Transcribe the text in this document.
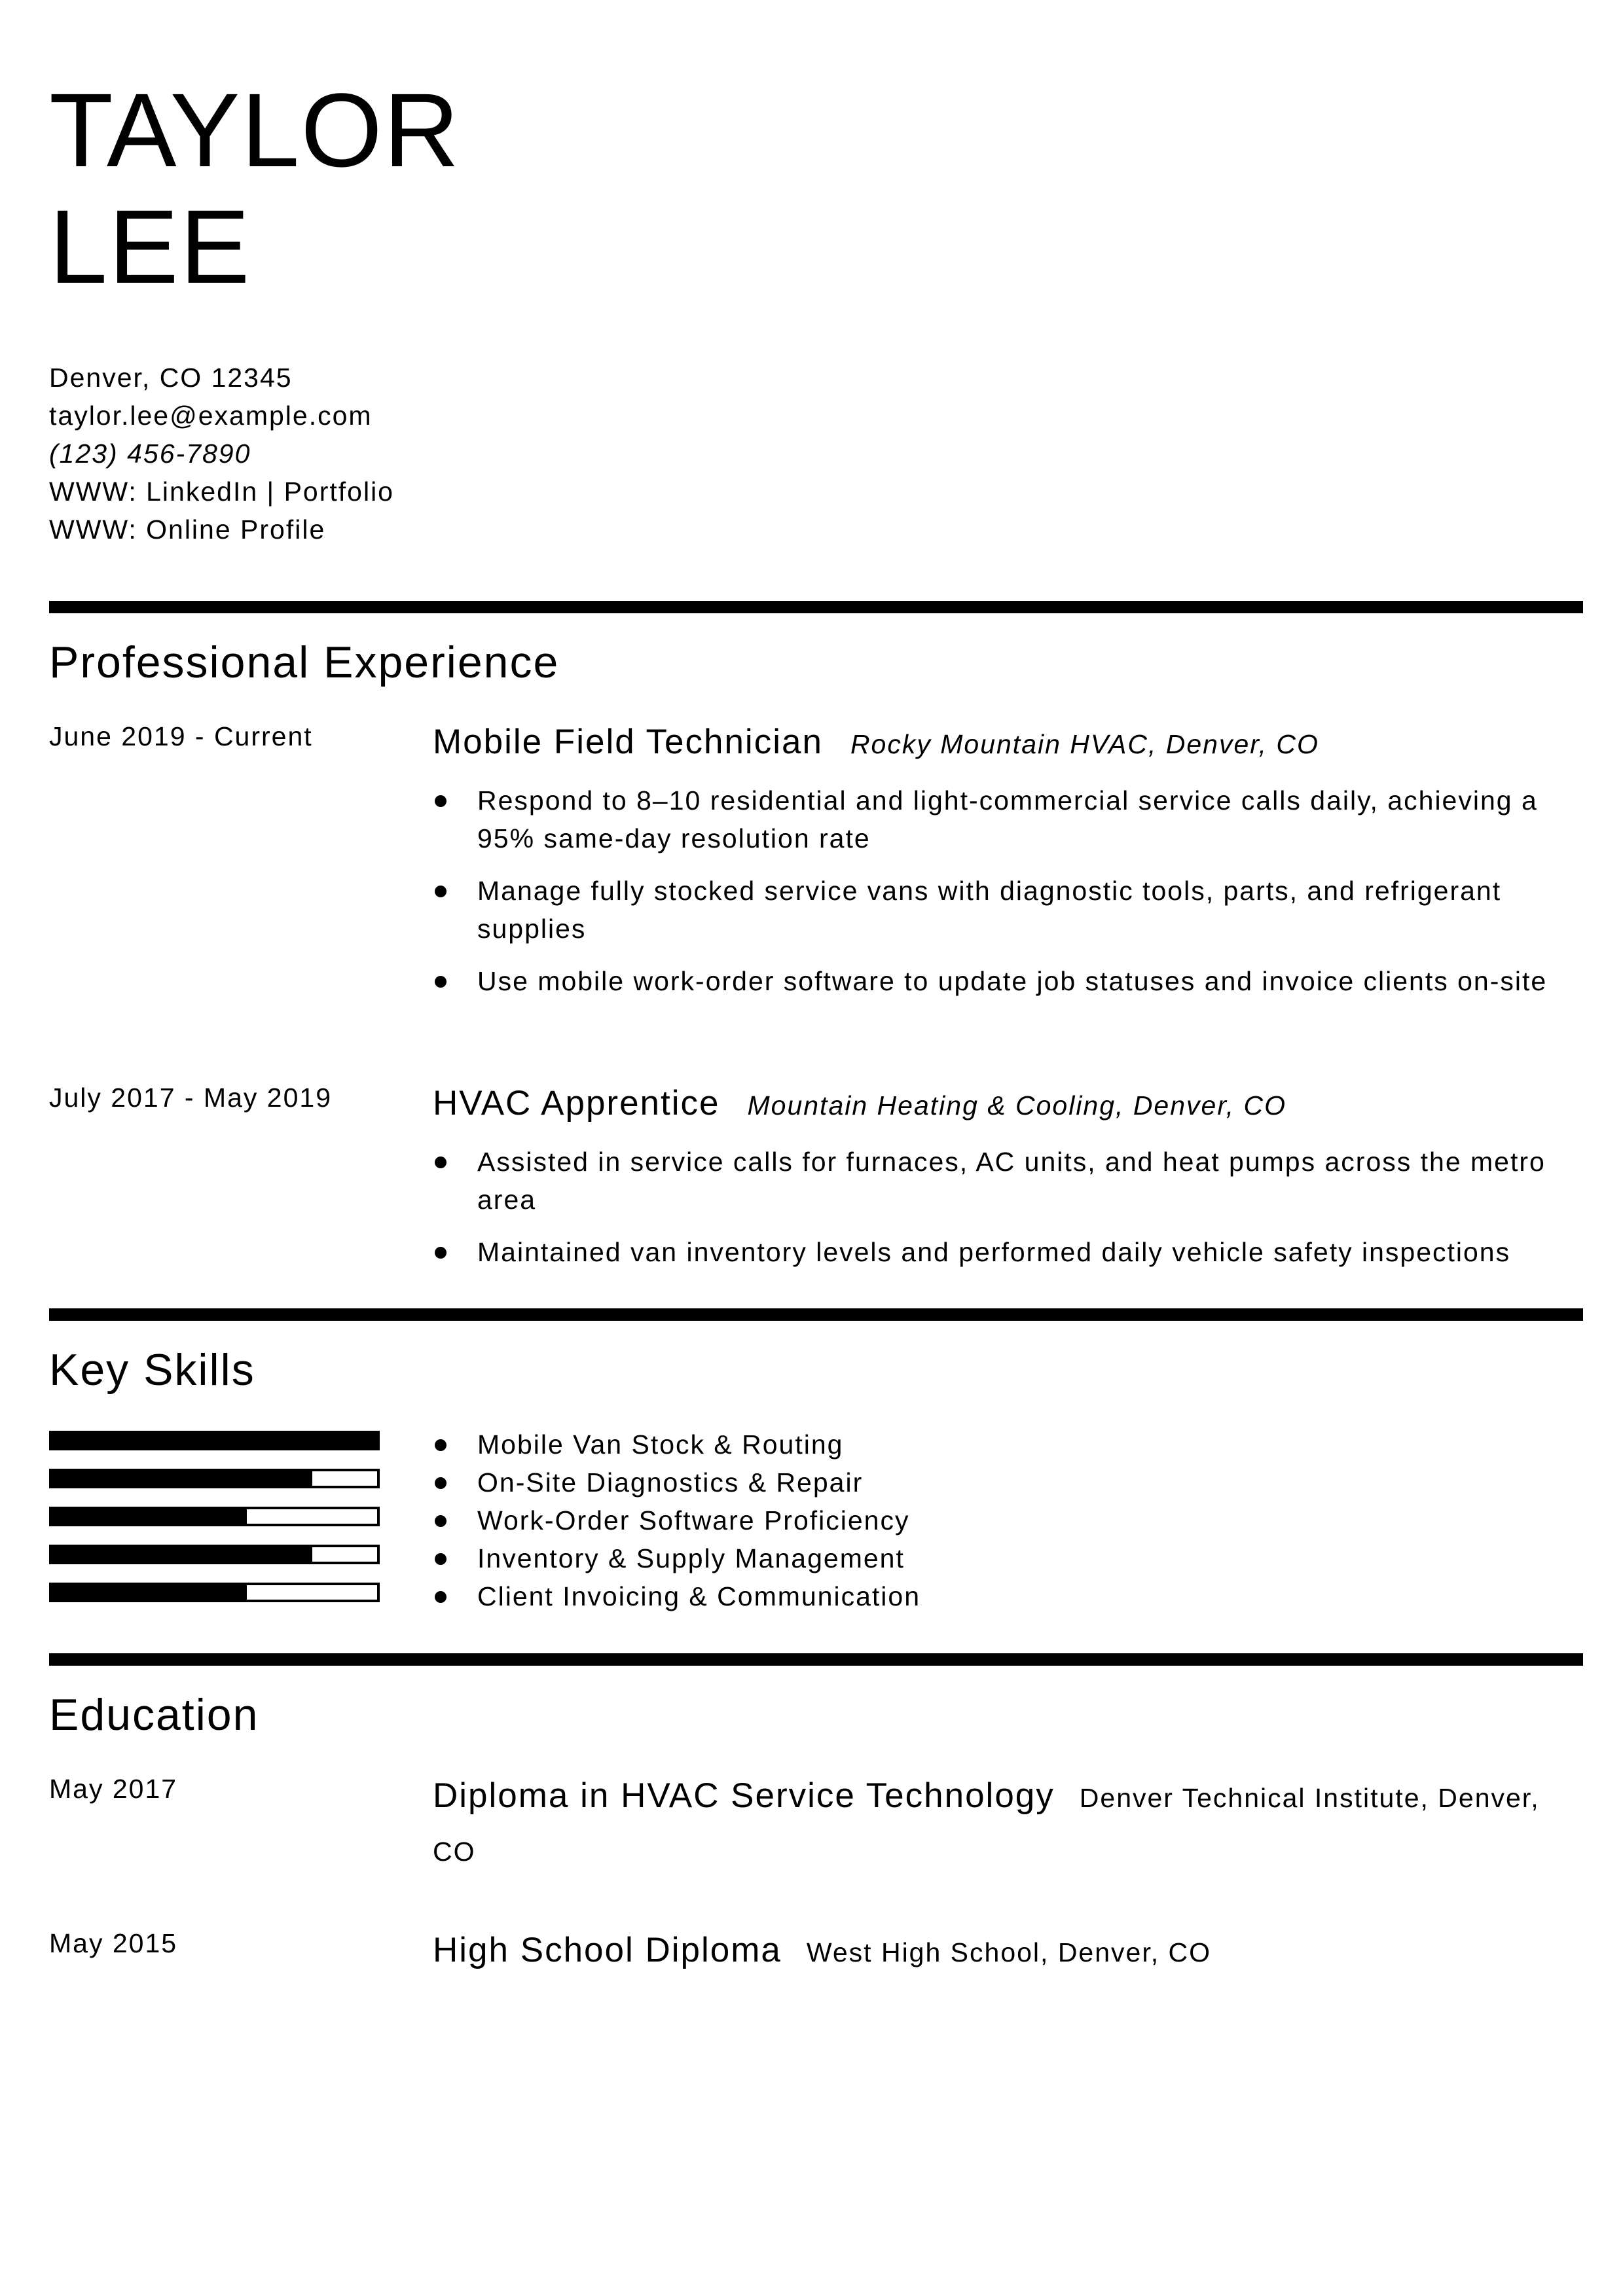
TAYLOR
LEE
Denver, CO 12345
taylor.lee@example.com
(123) 456-7890
WWW: LinkedIn | Portfolio
WWW: Online Profile
Professional Experience
June 2019 - Current	Mobile Field Technician Rocky Mountain HVAC, Denver, CO
Respond to 8–10 residential and light-commercial service calls daily, achieving a 95% same-day resolution rate
Manage fully stocked service vans with diagnostic tools, parts, and refrigerant supplies
Use mobile work-order software to update job statuses and invoice clients on-site
July 2017 - May 2019	HVAC Apprentice Mountain Heating & Cooling, Denver, CO
Assisted in service calls for furnaces, AC units, and heat pumps across the metro area
Maintained van inventory levels and performed daily vehicle safety inspections
Key Skills
Mobile Van Stock & Routing
On-Site Diagnostics & Repair
Work-Order Software Proficiency
Inventory & Supply Management
Client Invoicing & Communication
Education
May 2017	Diploma in HVAC Service Technology Denver Technical Institute, Denver, CO
May 2015	High School Diploma West High School, Denver, CO
